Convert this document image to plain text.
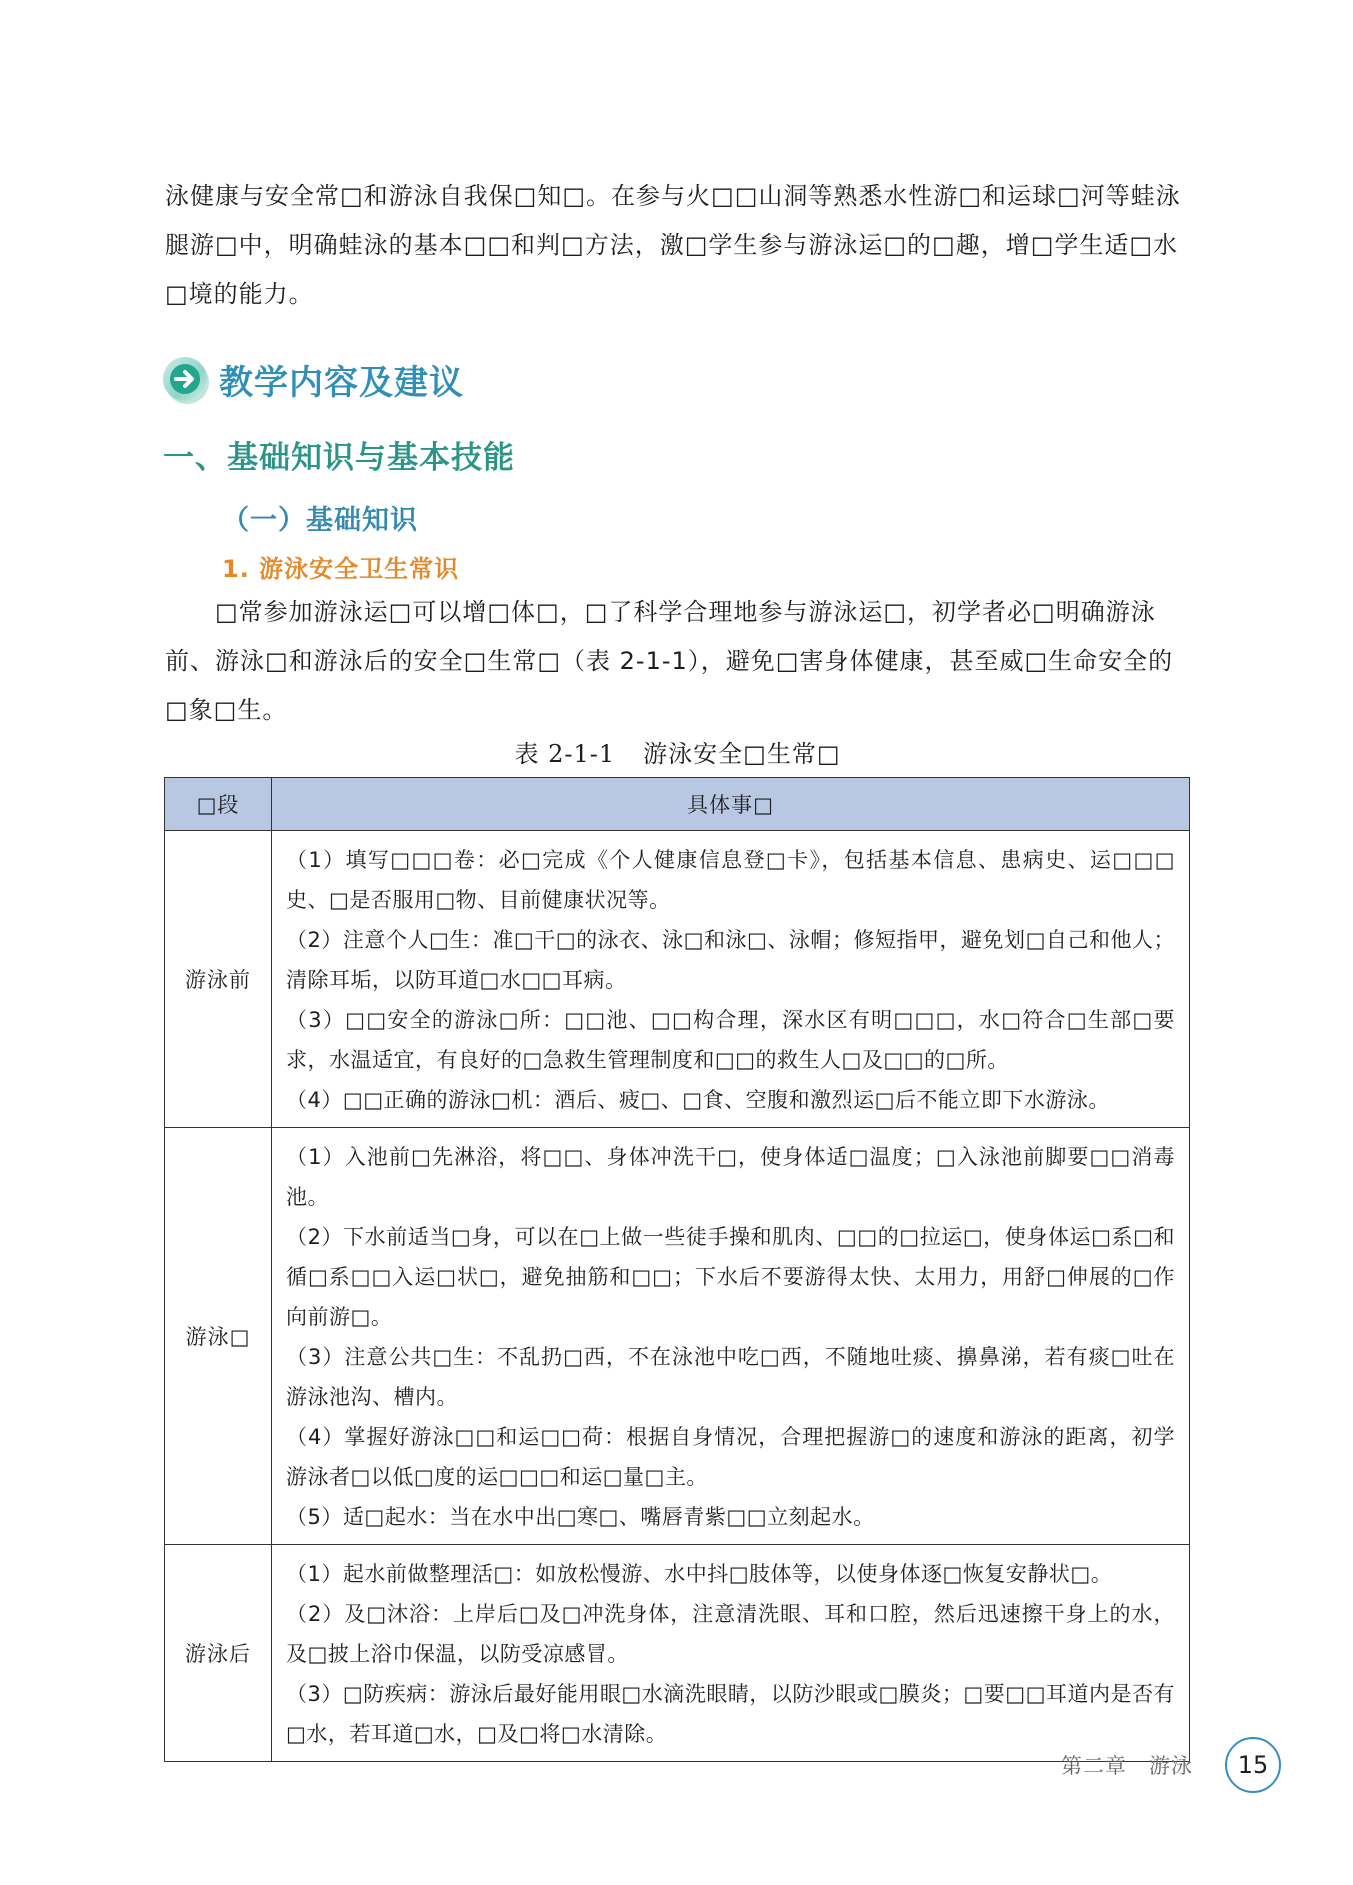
泳健康与安全常□和游泳自我保□知□。在参与火□□山洞等熟悉水性游□和运球□河等蛙泳腿游□中，明确蛙泳的基本□□和判□方法，激□学生参与游泳运□的□趣，增□学生适□水□境的能力。

教学内容及建议
一、基础知识与基本技能
（一）基础知识
1. 游泳安全卫生常识

□常参加游泳运□可以增□体□，□了科学合理地参与游泳运□，初学者必□明确游泳前、游泳□和游泳后的安全□生常□（表 2-1-1），避免□害身体健康，甚至威□生命安全的□象□生。

表 2-1-1 游泳安全□生常□

□段	具体事□
游泳前	（1）填写□□□卷：必□完成《个人健康信息登□卡》，包括基本信息、患病史、运□□□史、□是否服用□物、目前健康状况等。

（2）注意个人□生：准□干□的泳衣、泳□和泳□、泳帽；修短指甲，避免划□自己和他人；清除耳垢，以防耳道□水□□耳病。

（3）□□安全的游泳□所：□□池、□□构合理，深水区有明□□□，水□符合□生部□要求，水温适宜，有良好的□急救生管理制度和□□的救生人□及□□的□所。

（4）□□正确的游泳□机：酒后、疲□、□食、空腹和激烈运□后不能立即下水游泳。

游泳□	（1）入池前□先淋浴，将□□、身体冲洗干□，使身体适□温度；□入泳池前脚要□□消毒池。

（2）下水前适当□身，可以在□上做一些徒手操和肌肉、□□的□拉运□，使身体运□系□和循□系□□入运□状□，避免抽筋和□□；下水后不要游得太快、太用力，用舒□伸展的□作向前游□。

（3）注意公共□生：不乱扔□西，不在泳池中吃□西，不随地吐痰、擤鼻涕，若有痰□吐在游泳池沟、槽内。

（4）掌握好游泳□□和运□□荷：根据自身情况，合理把握游□的速度和游泳的距离，初学游泳者□以低□度的运□□□和运□量□主。

（5）适□起水：当在水中出□寒□、嘴唇青紫□□立刻起水。

游泳后	（1）起水前做整理活□：如放松慢游、水中抖□肢体等，以使身体逐□恢复安静状□。

（2）及□沐浴：上岸后□及□冲洗身体，注意清洗眼、耳和口腔，然后迅速擦干身上的水，及□披上浴巾保温，以防受凉感冒。

（3）□防疾病：游泳后最好能用眼□水滴洗眼睛，以防沙眼或□膜炎；□要□□耳道内是否有□水，若耳道□水，□及□将□水清除。

第二章　游泳	15
